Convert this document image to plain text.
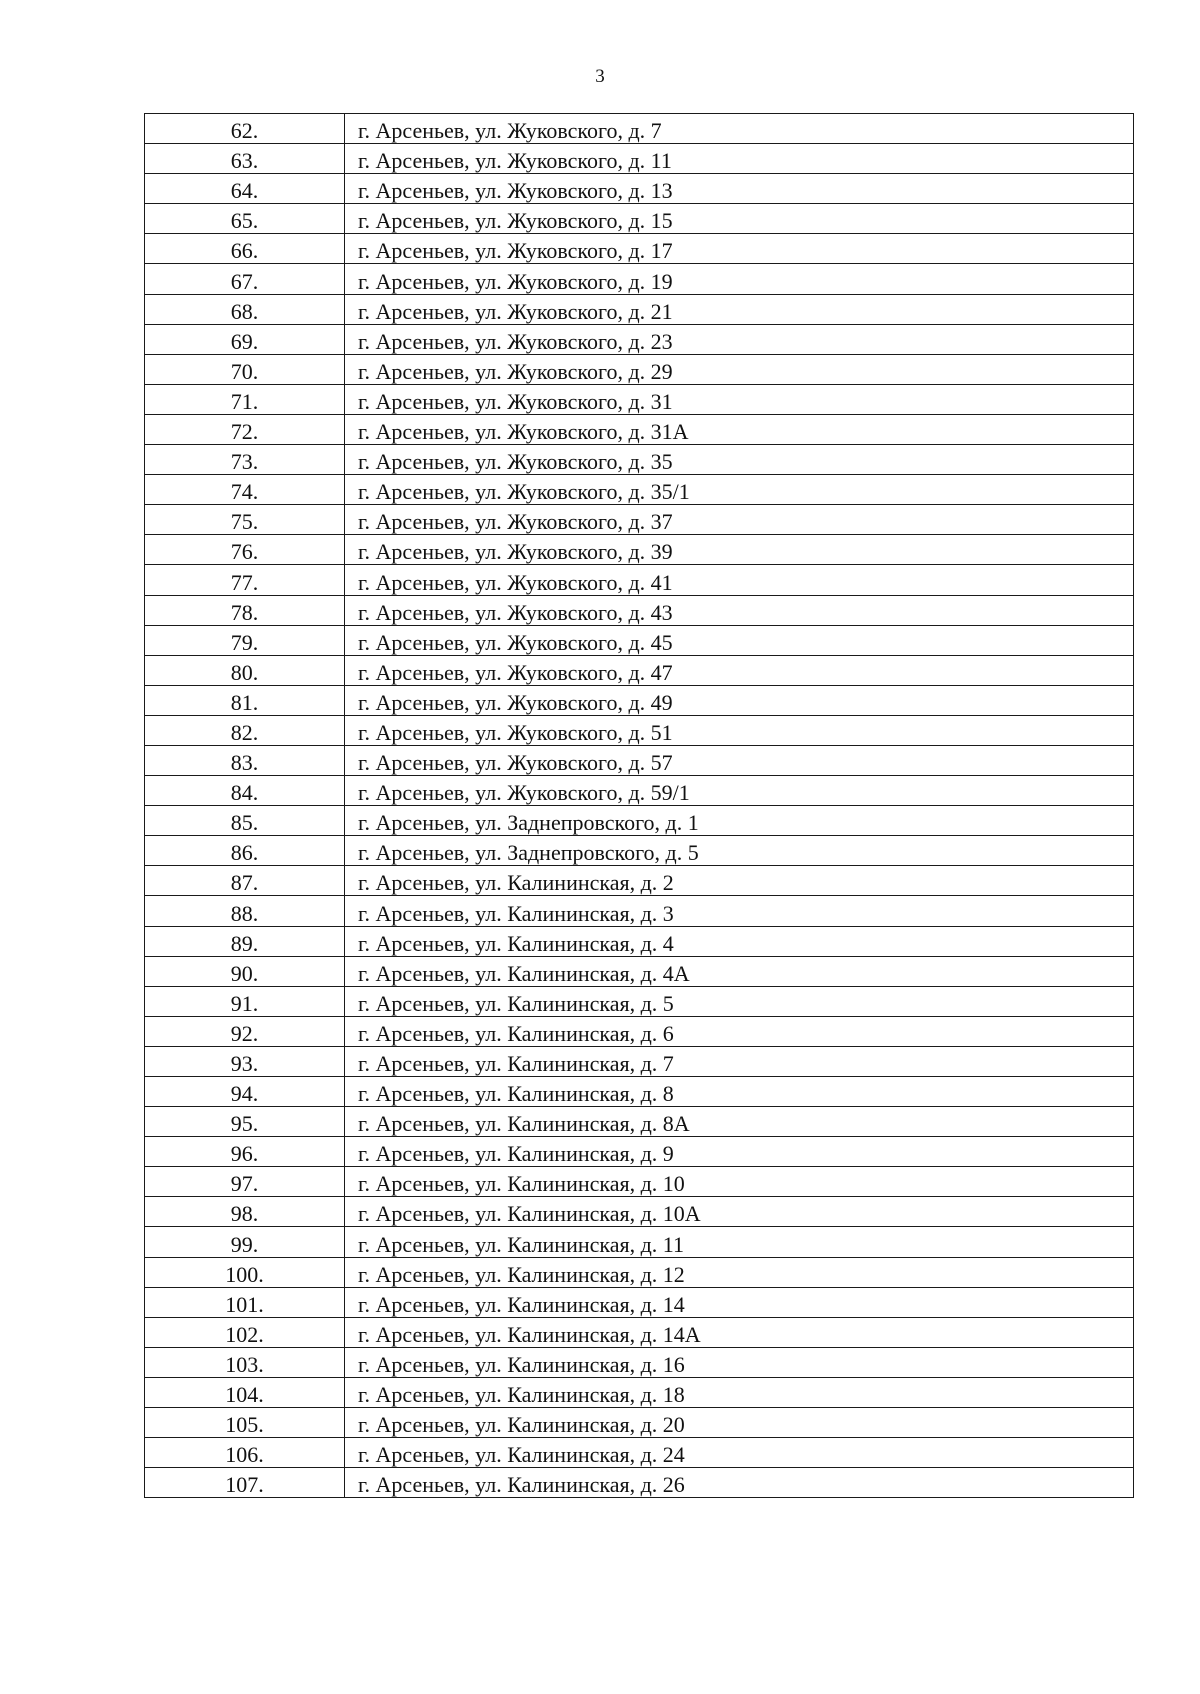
3
62.	г. Арсеньев, ул. Жуковского, д. 7
63.	г. Арсеньев, ул. Жуковского, д. 11
64.	г. Арсеньев, ул. Жуковского, д. 13
65.	г. Арсеньев, ул. Жуковского, д. 15
66.	г. Арсеньев, ул. Жуковского, д. 17
67.	г. Арсеньев, ул. Жуковского, д. 19
68.	г. Арсеньев, ул. Жуковского, д. 21
69.	г. Арсеньев, ул. Жуковского, д. 23
70.	г. Арсеньев, ул. Жуковского, д. 29
71.	г. Арсеньев, ул. Жуковского, д. 31
72.	г. Арсеньев, ул. Жуковского, д. 31А
73.	г. Арсеньев, ул. Жуковского, д. 35
74.	г. Арсеньев, ул. Жуковского, д. 35/1
75.	г. Арсеньев, ул. Жуковского, д. 37
76.	г. Арсеньев, ул. Жуковского, д. 39
77.	г. Арсеньев, ул. Жуковского, д. 41
78.	г. Арсеньев, ул. Жуковского, д. 43
79.	г. Арсеньев, ул. Жуковского, д. 45
80.	г. Арсеньев, ул. Жуковского, д. 47
81.	г. Арсеньев, ул. Жуковского, д. 49
82.	г. Арсеньев, ул. Жуковского, д. 51
83.	г. Арсеньев, ул. Жуковского, д. 57
84.	г. Арсеньев, ул. Жуковского, д. 59/1
85.	г. Арсеньев, ул. Заднепровского, д. 1
86.	г. Арсеньев, ул. Заднепровского, д. 5
87.	г. Арсеньев, ул. Калининская, д. 2
88.	г. Арсеньев, ул. Калининская, д. 3
89.	г. Арсеньев, ул. Калининская, д. 4
90.	г. Арсеньев, ул. Калининская, д. 4А
91.	г. Арсеньев, ул. Калининская, д. 5
92.	г. Арсеньев, ул. Калининская, д. 6
93.	г. Арсеньев, ул. Калининская, д. 7
94.	г. Арсеньев, ул. Калининская, д. 8
95.	г. Арсеньев, ул. Калининская, д. 8А
96.	г. Арсеньев, ул. Калининская, д. 9
97.	г. Арсеньев, ул. Калининская, д. 10
98.	г. Арсеньев, ул. Калининская, д. 10А
99.	г. Арсеньев, ул. Калининская, д. 11
100.	г. Арсеньев, ул. Калининская, д. 12
101.	г. Арсеньев, ул. Калининская, д. 14
102.	г. Арсеньев, ул. Калининская, д. 14А
103.	г. Арсеньев, ул. Калининская, д. 16
104.	г. Арсеньев, ул. Калининская, д. 18
105.	г. Арсеньев, ул. Калининская, д. 20
106.	г. Арсеньев, ул. Калининская, д. 24
107.	г. Арсеньев, ул. Калининская, д. 26
